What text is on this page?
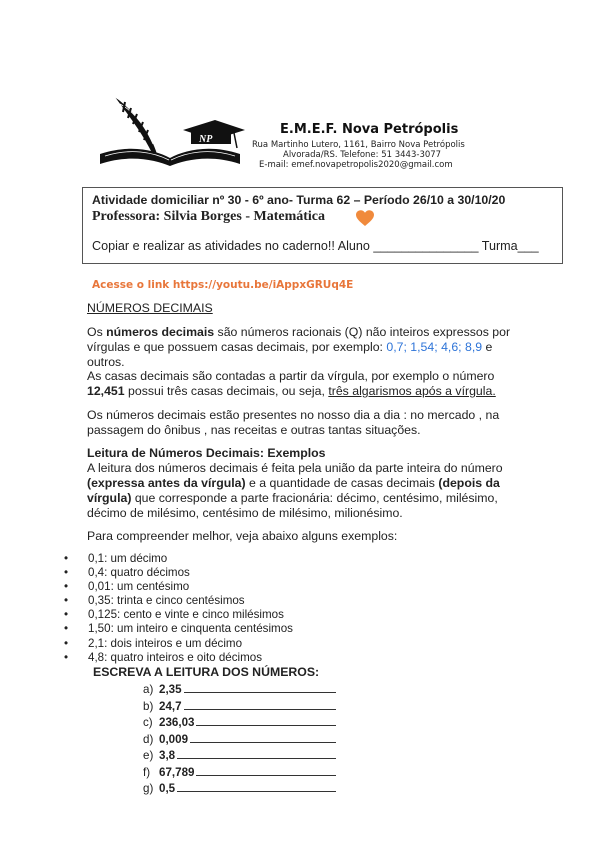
NP
E.M.E.F. Nova Petrópolis
Rua Martinho Lutero, 1161, Bairro Nova Petrópolis
Alvorada/RS. Telefone: 51 3443-3077
E-mail: emef.novapetropolis2020@gmail.com
Atividade domiciliar nº 30 - 6º ano- Turma 62 – Período 26/10 a 30/10/20
Professora: Silvia Borges - Matemática
Copiar e realizar as atividades no caderno!! Aluno _______________ Turma___
Acesse o link https://youtu.be/iAppxGRUq4E
NÚMEROS DECIMAIS
Os números decimais são números racionais (Q) não inteiros expressos por vírgulas e que possuem casas decimais, por exemplo: 0,7; 1,54; 4,6; 8,9 e outros.
As casas decimais são contadas a partir da vírgula, por exemplo o número 12,451 possui três casas decimais, ou seja, três algarismos após a vírgula.
Os números decimais estão presentes no nosso dia a dia : no mercado , na passagem do ônibus , nas receitas e outras tantas situações.
Leitura de Números Decimais: Exemplos
A leitura dos números decimais é feita pela união da parte inteira do número (expressa antes da vírgula) e a quantidade de casas decimais (depois da vírgula) que corresponde a parte fracionária: décimo, centésimo, milésimo, décimo de milésimo, centésimo de milésimo, milionésimo.
Para compreender melhor, veja abaixo alguns exemplos:
• 0,1: um décimo
• 0,4: quatro décimos
• 0,01: um centésimo
• 0,35: trinta e cinco centésimos
• 0,125: cento e vinte e cinco milésimos
• 1,50: um inteiro e cinquenta centésimos
• 2,1: dois inteiros e um décimo
• 4,8: quatro inteiros e oito décimos
ESCREVA A LEITURA DOS NÚMEROS:
a) 2,35
b) 24,7
c) 236,03
d) 0,009
e) 3,8
f) 67,789
g) 0,5
